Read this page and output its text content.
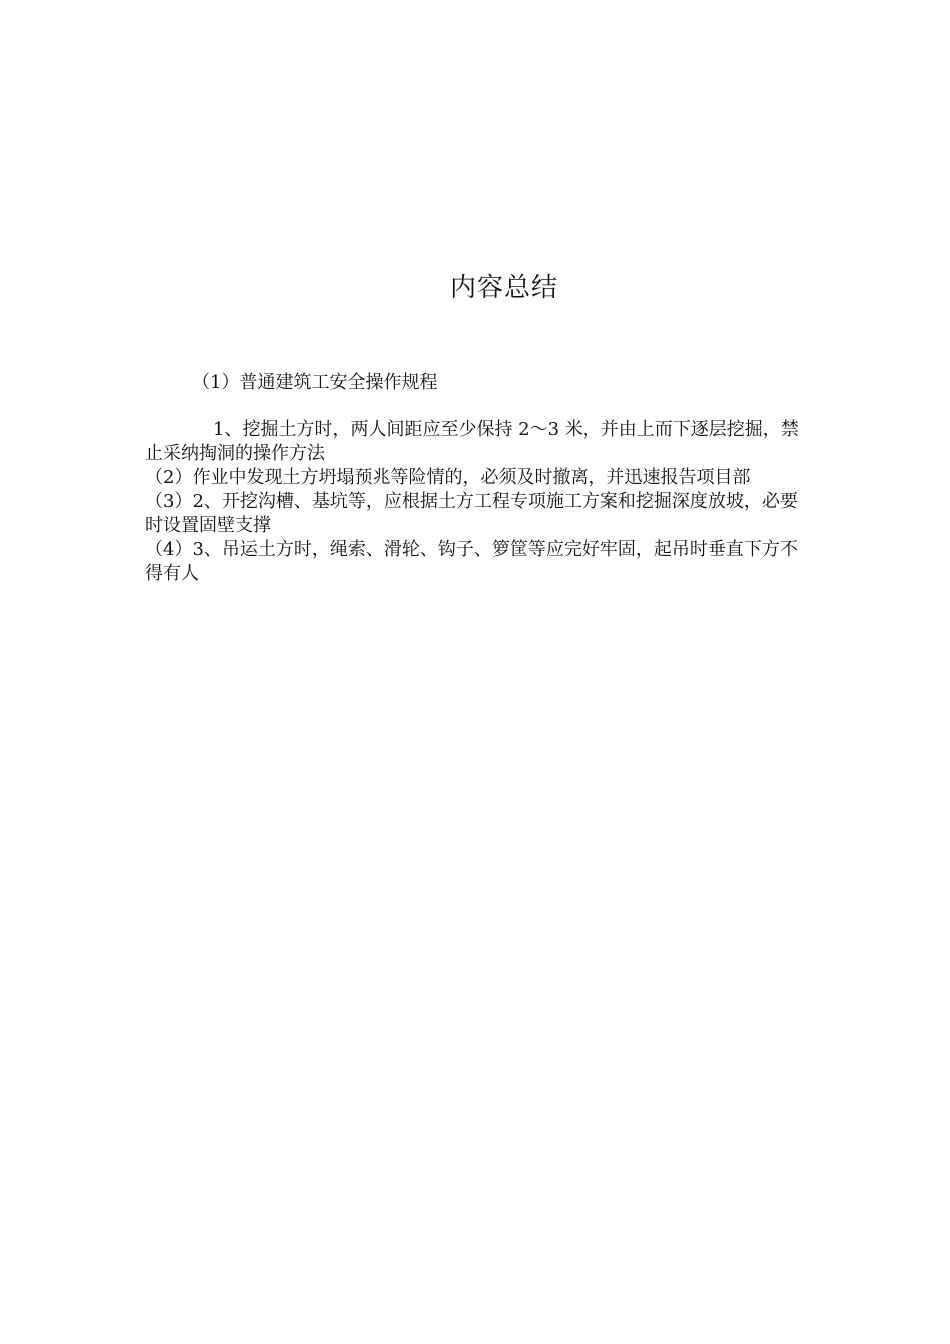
内容总结
（1）普通建筑工安全操作规程

1、挖掘土方时，两人间距应至少保持 2～3 米，并由上而下逐层挖掘，禁止采纳掏洞的操作方法

（2）作业中发现土方坍塌预兆等险情的，必须及时撤离，并迅速报告项目部

（3）2、开挖沟槽、基坑等，应根据土方工程专项施工方案和挖掘深度放坡，必要时设置固壁支撑

（4）3、吊运土方时，绳索、滑轮、钩子、箩筐等应完好牢固，起吊时垂直下方不得有人
